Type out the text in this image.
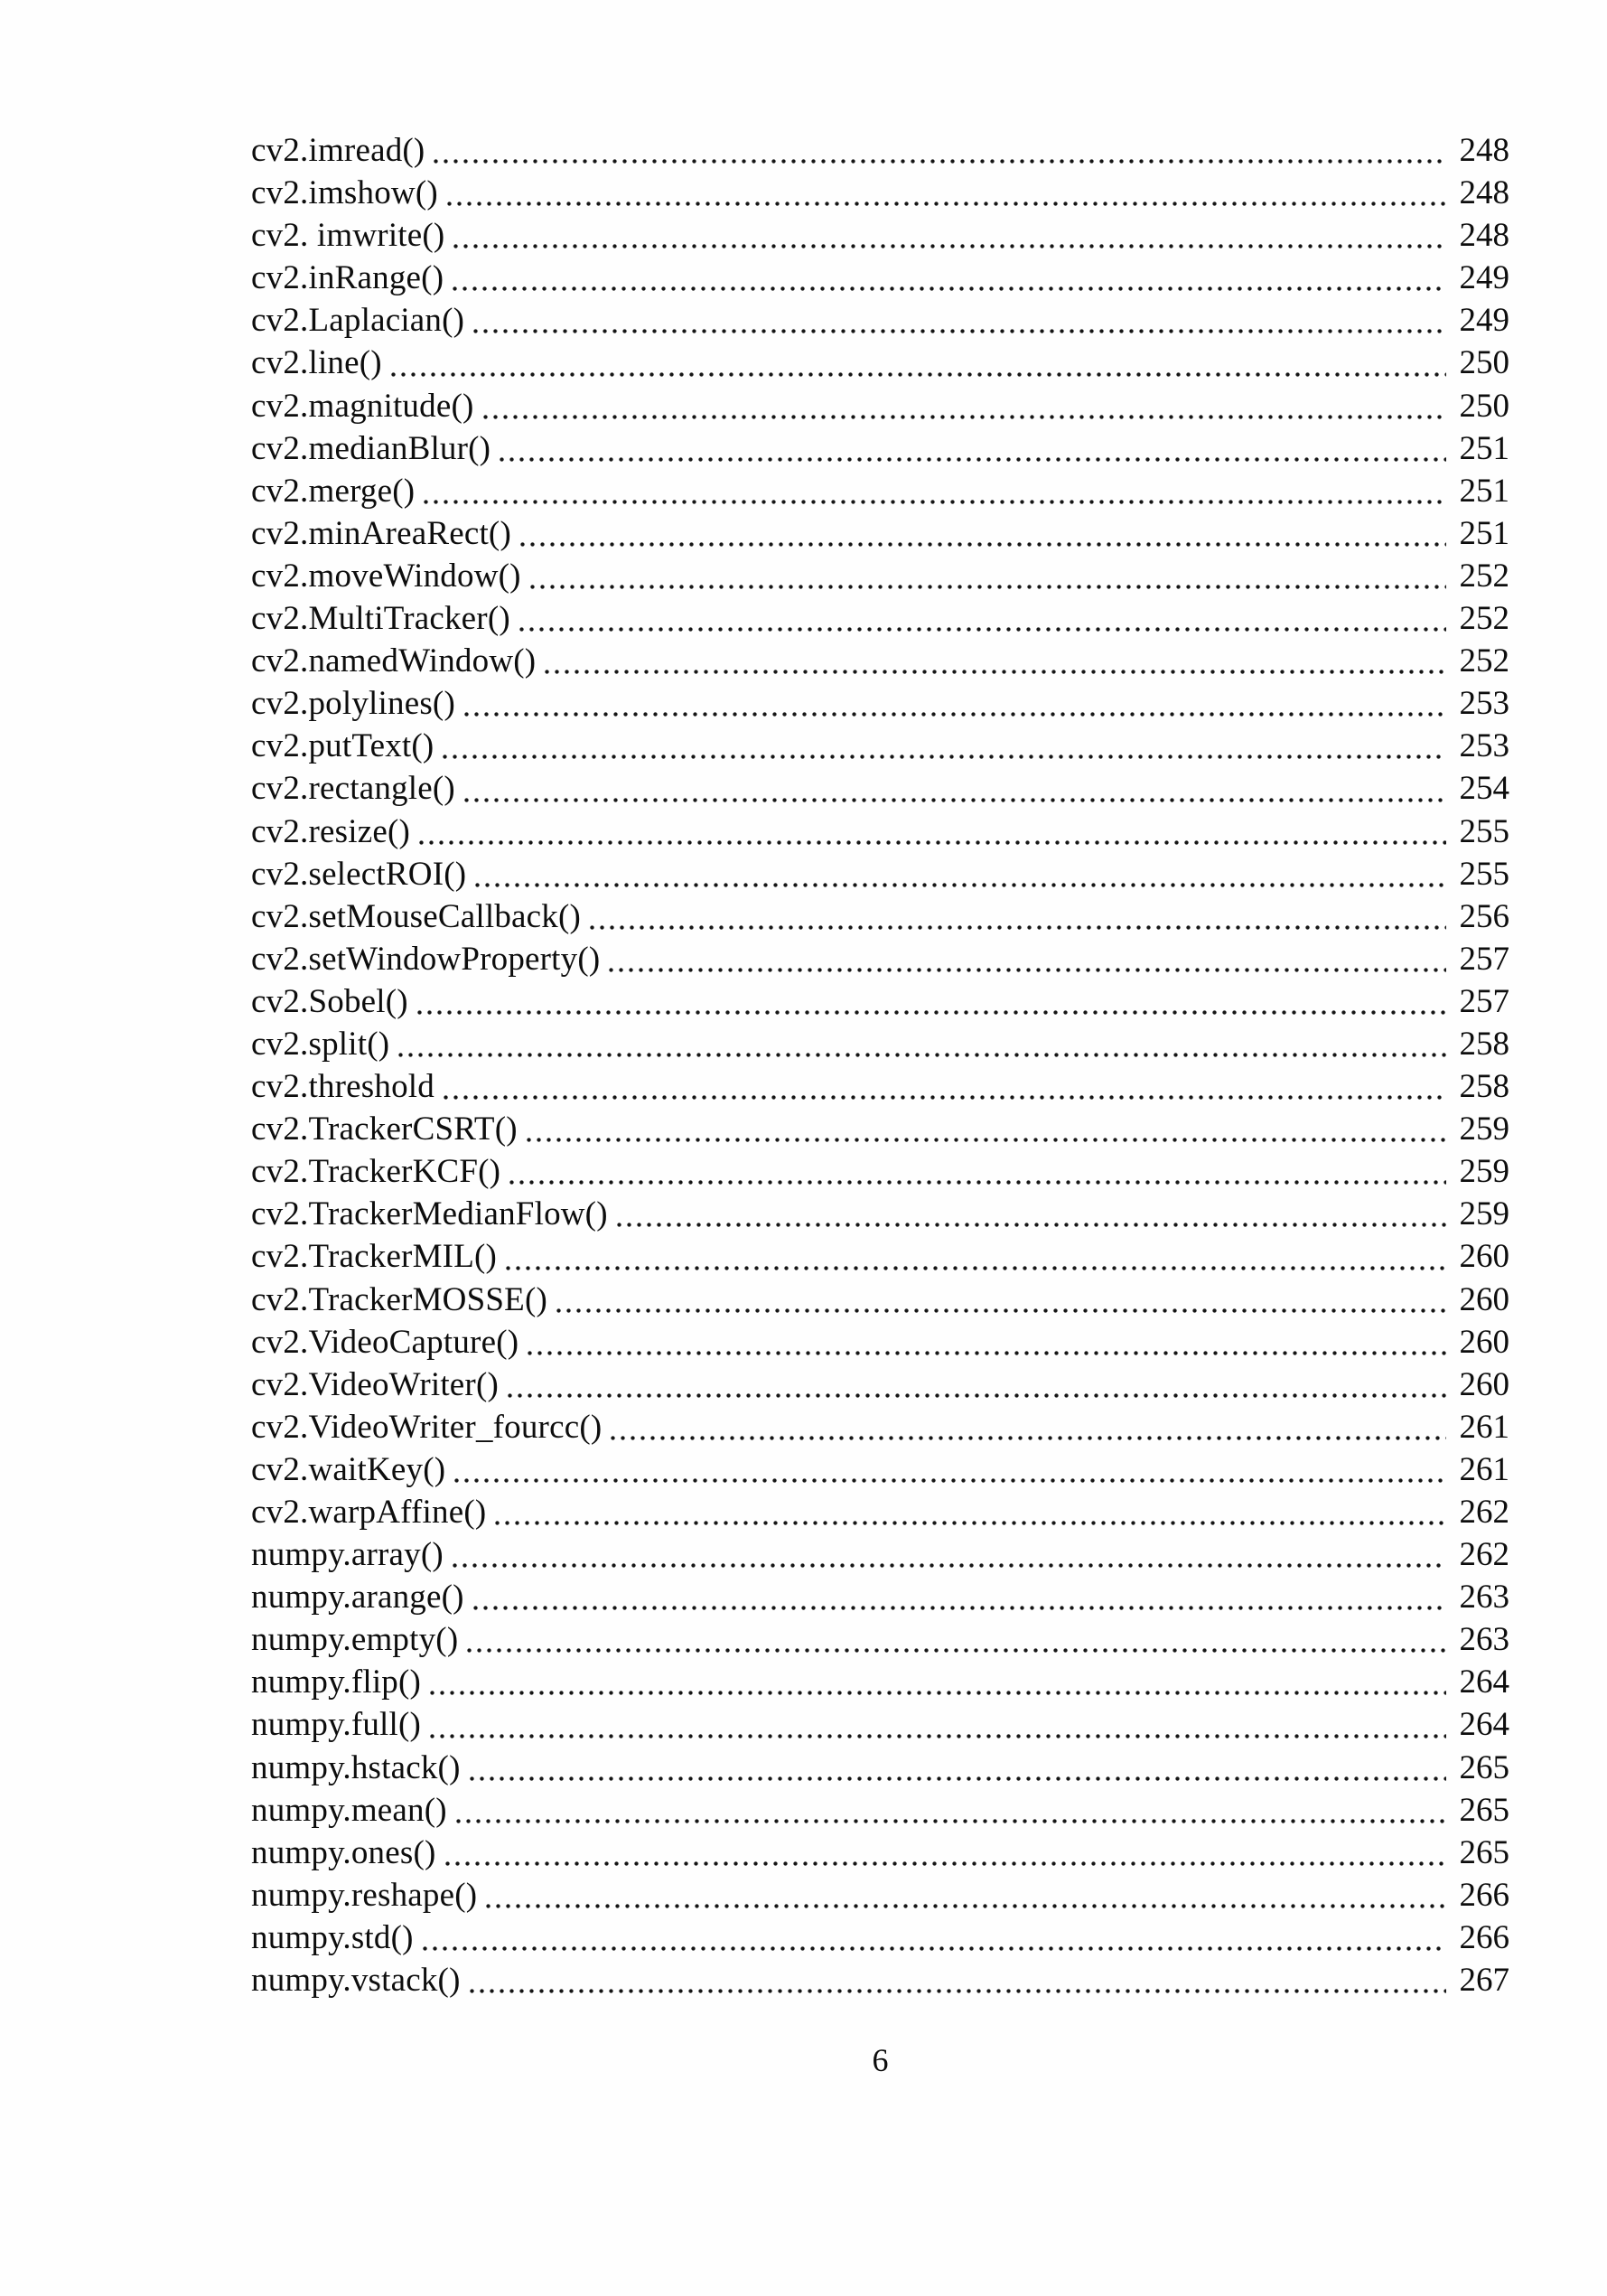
cv2.imread()	248
cv2.imshow()	248
cv2. imwrite()	248
cv2.inRange()	249
cv2.Laplacian()	249
cv2.line()	250
cv2.magnitude()	250
cv2.medianBlur()	251
cv2.merge()	251
cv2.minAreaRect()	251
cv2.moveWindow()	252
cv2.MultiTracker()	252
cv2.namedWindow()	252
cv2.polylines()	253
cv2.putText()	253
cv2.rectangle()	254
cv2.resize()	255
cv2.selectROI()	255
cv2.setMouseCallback()	256
cv2.setWindowProperty()	257
cv2.Sobel()	257
cv2.split()	258
cv2.threshold	258
cv2.TrackerCSRT()	259
cv2.TrackerKCF()	259
cv2.TrackerMedianFlow()	259
cv2.TrackerMIL()	260
cv2.TrackerMOSSE()	260
cv2.VideoCapture()	260
cv2.VideoWriter()	260
cv2.VideoWriter_fourcc()	261
cv2.waitKey()	261
cv2.warpAffine()	262
numpy.array()	262
numpy.arange()	263
numpy.empty()	263
numpy.flip()	264
numpy.full()	264
numpy.hstack()	265
numpy.mean()	265
numpy.ones()	265
numpy.reshape()	266
numpy.std()	266
numpy.vstack()	267
6
